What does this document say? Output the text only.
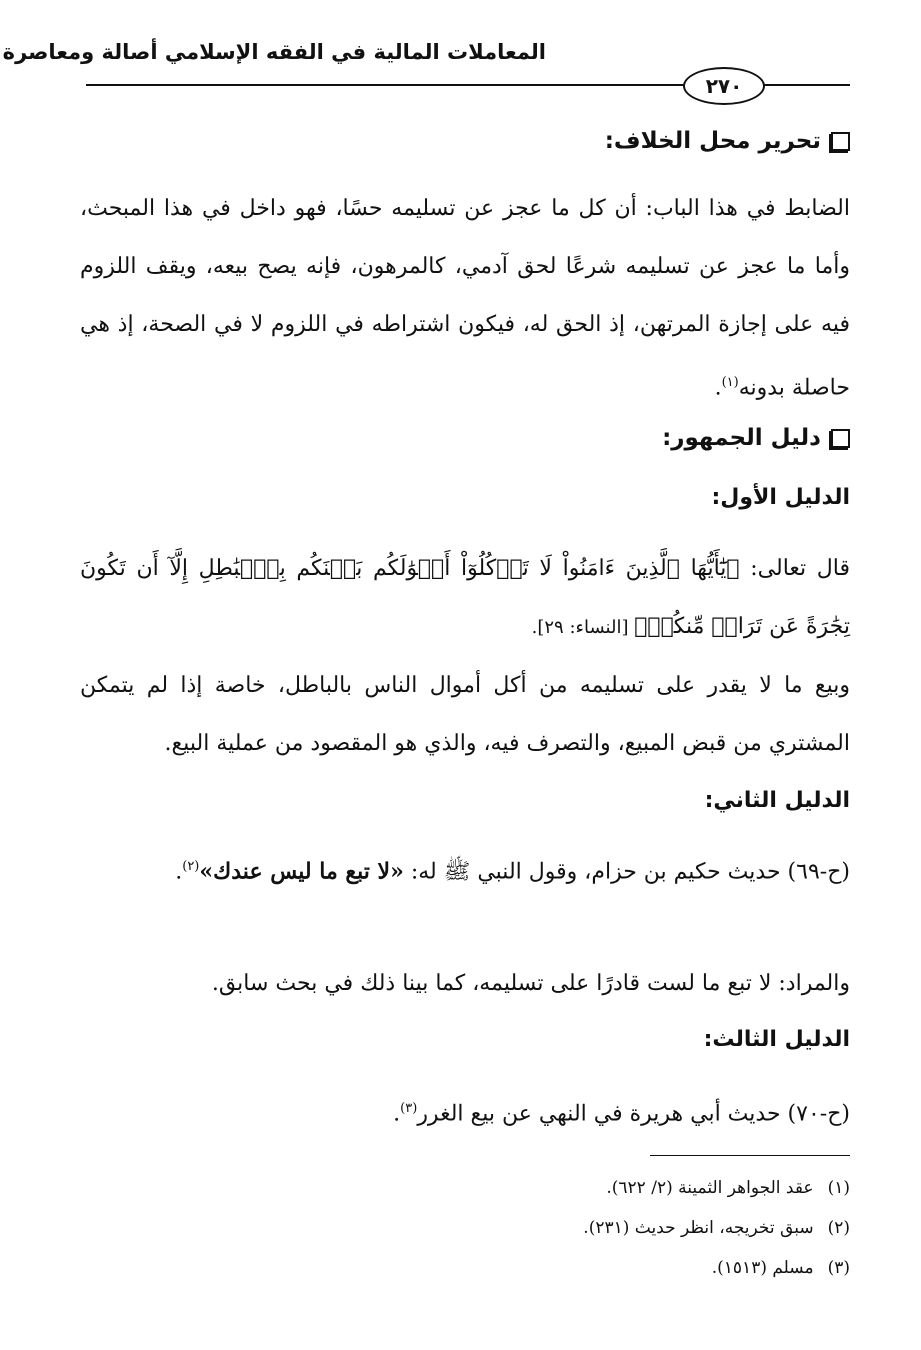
المعاملات المالية في الفقه الإسلامي أصالة ومعاصرة
٢٧٠
تحرير محل الخلاف:
الضابط في هذا الباب: أن كل ما عجز عن تسليمه حسًا، فهو داخل في هذا المبحث، وأما ما عجز عن تسليمه شرعًا لحق آدمي، كالمرهون، فإنه يصح بيعه، ويقف اللزوم فيه على إجازة المرتهن، إذ الحق له، فيكون اشتراطه في اللزوم لا في الصحة، إذ هي حاصلة بدونه$^{(١)}$.
دليل الجمهور:
الدليل الأول:
قال تعالى: ﴿يَٰٓأَيُّهَا ٱلَّذِينَ ءَامَنُواْ لَا تَأۡكُلُوٓاْ أَمۡوَٰلَكُم بَيۡنَكُم بِٱلۡبَٰطِلِ إِلَّآ أَن تَكُونَ تِجَٰرَةً عَن تَرَاضٖ مِّنكُمۡ﴾ [النساء: ٢٩].
وبيع ما لا يقدر على تسليمه من أكل أموال الناس بالباطل، خاصة إذا لم يتمكن المشتري من قبض المبيع، والتصرف فيه، والذي هو المقصود من عملية البيع.
الدليل الثاني:
(ح-٦٩) حديث حكيم بن حزام، وقول النبي ﷺ له: «لا تبع ما ليس عندك»$^{(٢)}$.
والمراد: لا تبع ما لست قادرًا على تسليمه، كما بينا ذلك في بحث سابق.
الدليل الثالث:
(ح-٧٠) حديث أبي هريرة في النهي عن بيع الغرر$^{(٣)}$.
(١)عقد الجواهر الثمينة (٢/ ٦٢٢).
(٢)سبق تخريجه، انظر حديث (٢٣١).
(٣)مسلم (١٥١٣).
